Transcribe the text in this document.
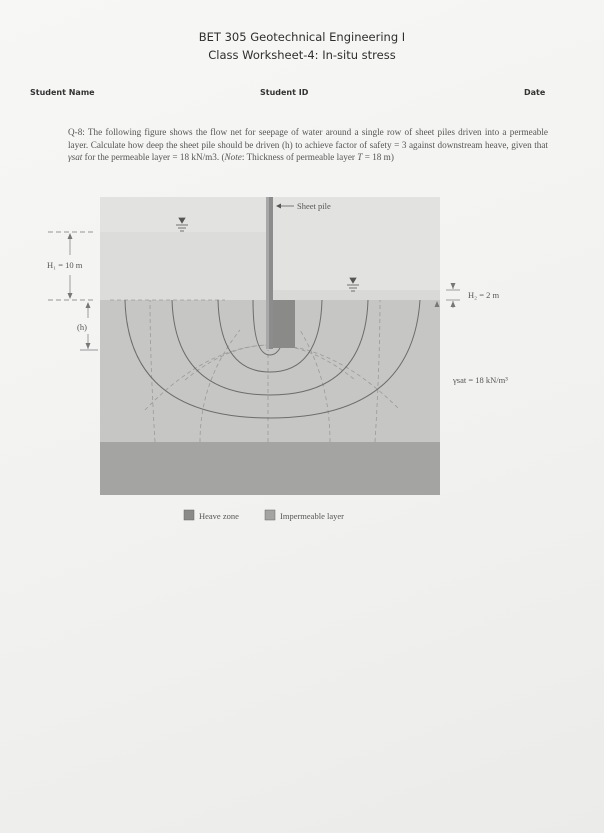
BET 305 Geotechnical Engineering I
Class Worksheet-4: In-situ stress
Student Name	Student ID	Date
Q-8: The following figure shows the flow net for seepage of water around a single row of sheet piles driven into a permeable layer. Calculate how deep the sheet pile should be driven (h) to achieve factor of safety = 3 against downstream heave, given that γsat for the permeable layer = 18 kN/m3. (Note: Thickness of permeable layer T = 18 m)
Sheet pile
H₁ = 10 m
(h)
H₂ = 2 m
γsat = 18 kN/m³
Heave zone	Impermeable layer
